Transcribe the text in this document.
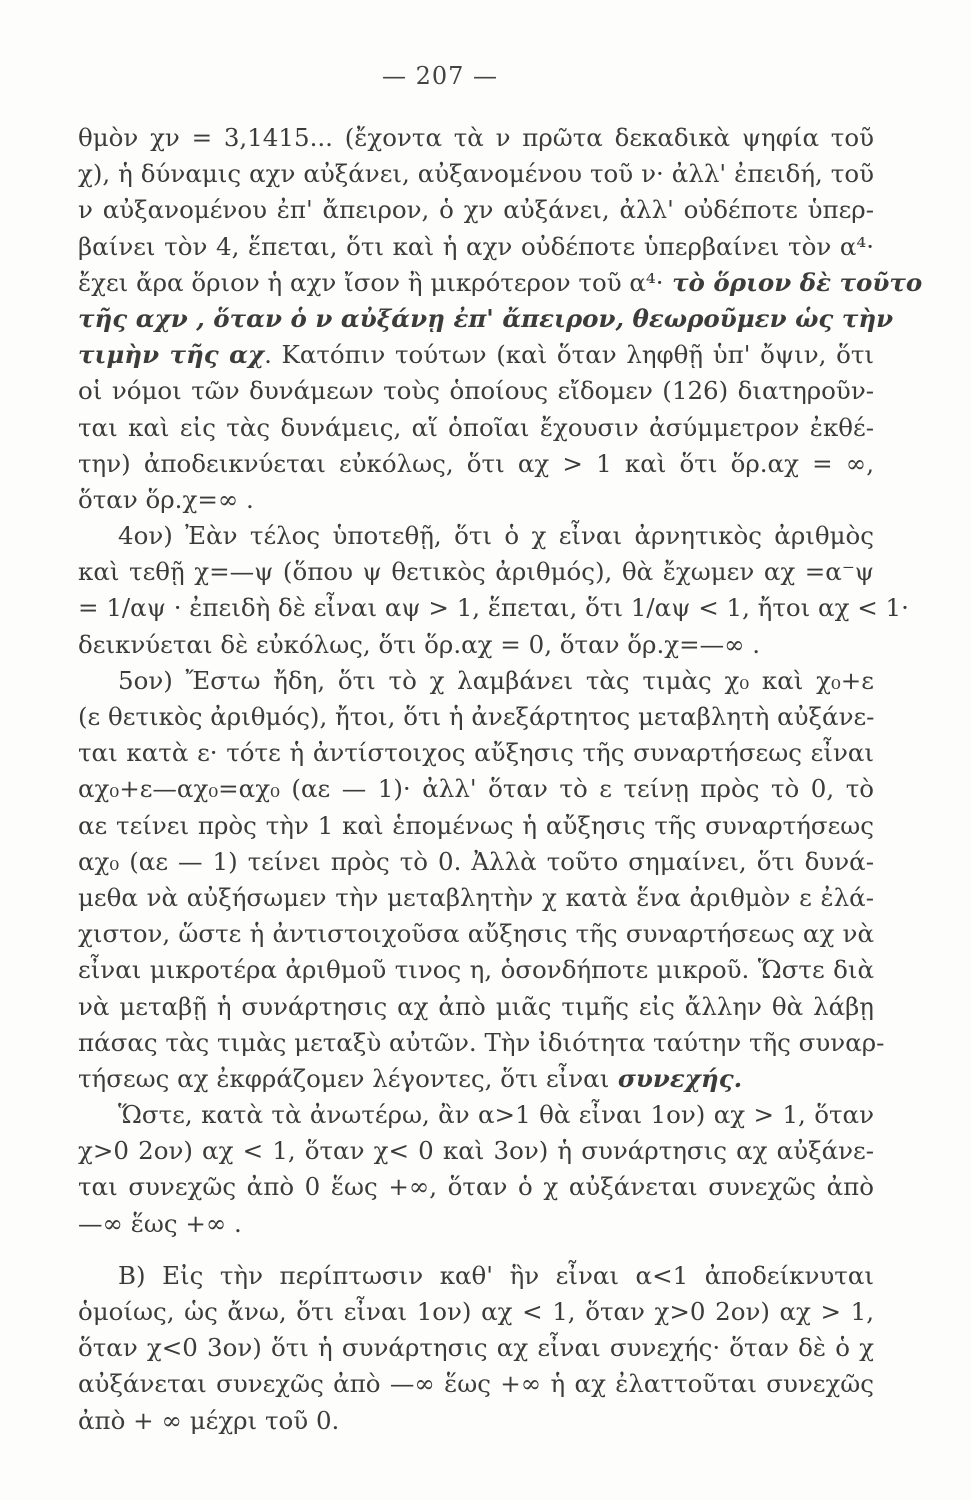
— 207 —
θμὸν χν = 3,1415... (ἔχοντα τὰ ν πρῶτα δεκαδικὰ ψηφία τοῦ
χ), ἡ δύναμις αχν αὐξάνει, αὐξανομένου τοῦ ν· ἀλλ' ἐπειδή, τοῦ
ν αὐξανομένου ἐπ' ἄπειρον, ὁ χν αὐξάνει, ἀλλ' οὐδέποτε ὑπερ-
βαίνει τὸν 4, ἕπεται, ὅτι καὶ ἡ αχν οὐδέποτε ὑπερβαίνει τὸν α⁴·
ἔχει ἄρα ὅριον ἡ αχν ἴσον ἢ μικρότερον τοῦ α⁴· τὸ ὅριον δὲ τοῦτο
τῆς αχν , ὅταν ὁ ν αὐξάνῃ ἐπ' ἄπειρον, θεωροῦμεν ὡς τὴν
τιμὴν τῆς αχ. Κατόπιν τούτων (καὶ ὅταν ληφθῇ ὑπ' ὄψιν, ὅτι
οἱ νόμοι τῶν δυνάμεων τοὺς ὁποίους εἴδομεν (126) διατηροῦν-
ται καὶ εἰς τὰς δυνάμεις, αἵ ὁποῖαι ἔχουσιν ἀσύμμετρον ἐκθέ-
την) ἀποδεικνύεται εὐκόλως, ὅτι αχ > 1 καὶ ὅτι ὅρ.αχ = ∞,
ὅταν ὅρ.χ=∞ .
4ον) Ἐὰν τέλος ὑποτεθῇ, ὅτι ὁ χ εἶναι ἀρνητικὸς ἀριθμὸς
καὶ τεθῇ χ=—ψ (ὅπου ψ θετικὸς ἀριθμός), θὰ ἔχωμεν αχ =α⁻ψ
= 1/αψ · ἐπειδὴ δὲ εἶναι αψ > 1, ἕπεται, ὅτι 1/αψ < 1, ἤτοι αχ < 1·
δεικνύεται δὲ εὐκόλως, ὅτι ὅρ.αχ = 0, ὅταν ὅρ.χ=—∞ .
5ον) Ἔστω ἤδη, ὅτι τὸ χ λαμβάνει τὰς τιμὰς χ₀ καὶ χ₀+ε
(ε θετικὸς ἀριθμός), ἤτοι, ὅτι ἡ ἀνεξάρτητος μεταβλητὴ αὐξάνε-
ται κατὰ ε· τότε ἡ ἀντίστοιχος αὔξησις τῆς συναρτήσεως εἶναι
αχ₀+ε—αχ₀=αχ₀ (αε — 1)· ἀλλ' ὅταν τὸ ε τείνῃ πρὸς τὸ 0, τὸ
αε τείνει πρὸς τὴν 1 καὶ ἑπομένως ἡ αὔξησις τῆς συναρτήσεως
αχ₀ (αε — 1) τείνει πρὸς τὸ 0. Ἀλλὰ τοῦτο σημαίνει, ὅτι δυνά-
μεθα νὰ αὐξήσωμεν τὴν μεταβλητὴν χ κατὰ ἕνα ἀριθμὸν ε ἐλά-
χιστον, ὥστε ἡ ἀντιστοιχοῦσα αὔξησις τῆς συναρτήσεως αχ νὰ
εἶναι μικροτέρα ἀριθμοῦ τινος η, ὁσονδήποτε μικροῦ. Ὥστε διὰ
νὰ μεταβῇ ἡ συνάρτησις αχ ἀπὸ μιᾶς τιμῆς εἰς ἄλλην θὰ λάβῃ
πάσας τὰς τιμὰς μεταξὺ αὐτῶν. Τὴν ἰδιότητα ταύτην τῆς συναρ-
τήσεως αχ ἐκφράζομεν λέγοντες, ὅτι εἶναι συνεχής.
Ὥστε, κατὰ τὰ ἀνωτέρω, ἂν α>1 θὰ εἶναι 1ον) αχ > 1, ὅταν
χ>0 2ον) αχ < 1, ὅταν χ< 0 καὶ 3ον) ἡ συνάρτησις αχ αὐξάνε-
ται συνεχῶς ἀπὸ 0 ἕως +∞, ὅταν ὁ χ αὐξάνεται συνεχῶς ἀπὸ
—∞ ἕως +∞ .
Β) Εἰς τὴν περίπτωσιν καθ' ἣν εἶναι α<1 ἀποδείκνυται
ὁμοίως, ὡς ἄνω, ὅτι εἶναι 1ον) αχ < 1, ὅταν χ>0 2ον) αχ > 1,
ὅταν χ<0 3ον) ὅτι ἡ συνάρτησις αχ εἶναι συνεχής· ὅταν δὲ ὁ χ
αὐξάνεται συνεχῶς ἀπὸ —∞ ἕως +∞ ἡ αχ ἐλαττοῦται συνεχῶς
ἀπὸ + ∞ μέχρι τοῦ 0.
